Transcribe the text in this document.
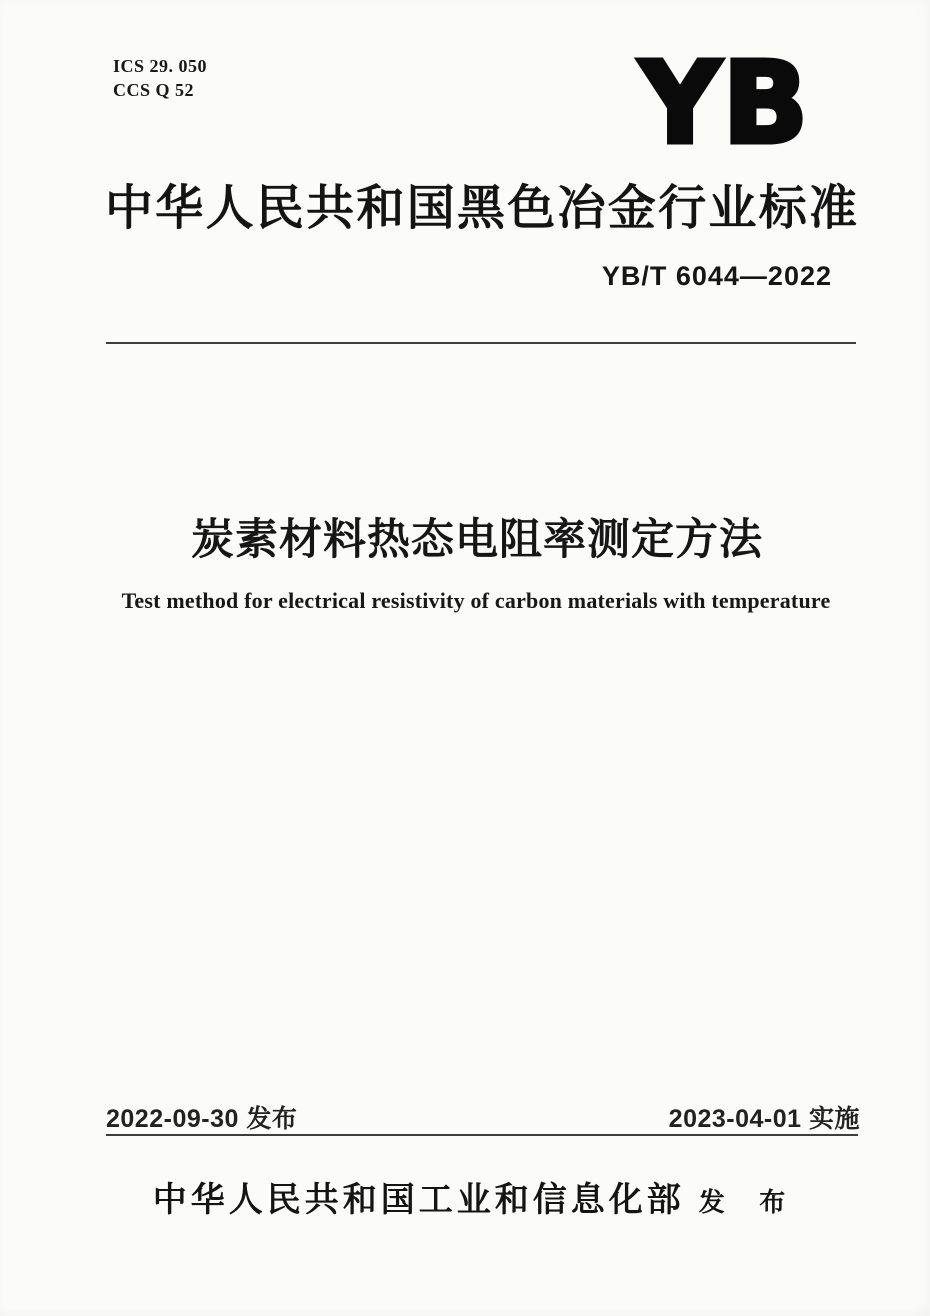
ICS 29. 050
CCS Q 52	YB
中华人民共和国黑色冶金行业标准
YB/T 6044—2022
炭素材料热态电阻率测定方法
Test method for electrical resistivity of carbon materials with temperature
2022-09-30 发布	2023-04-01 实施
中华人民共和国工业和信息化部 发 布
